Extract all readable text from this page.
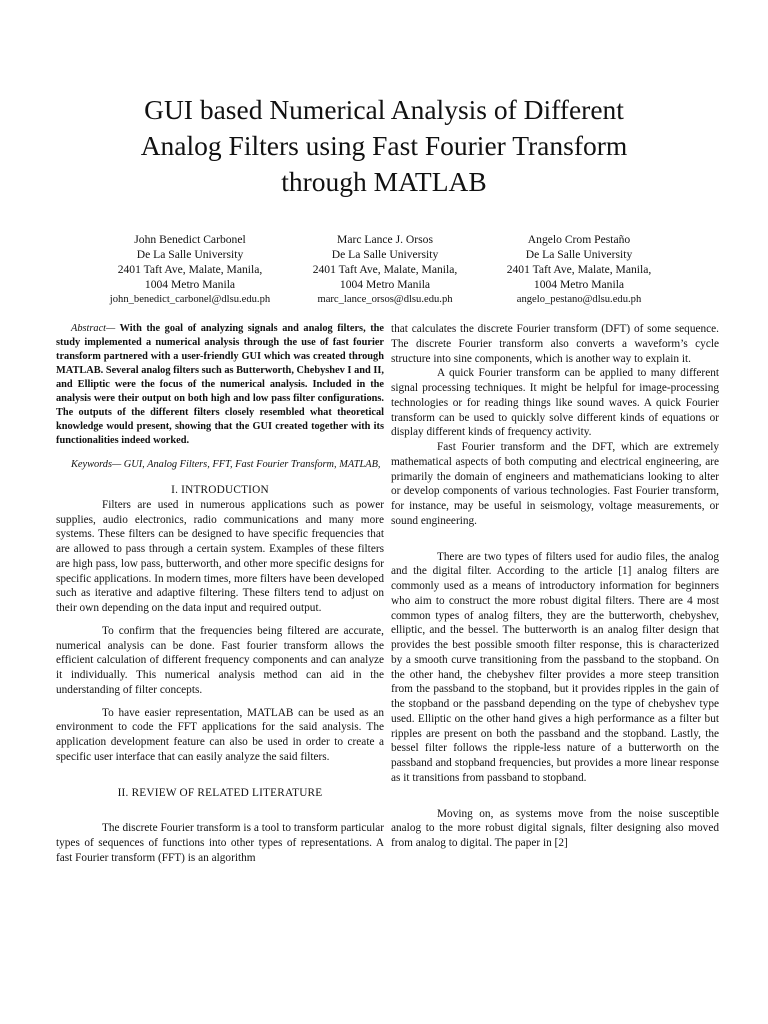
GUI based Numerical Analysis of Different
Analog Filters using Fast Fourier Transform
through MATLAB
John Benedict Carbonel
De La Salle University
2401 Taft Ave, Malate, Manila,
1004 Metro Manila
john_benedict_carbonel@dlsu.edu.ph
Marc Lance J. Orsos
De La Salle University
2401 Taft Ave, Malate, Manila,
1004 Metro Manila
marc_lance_orsos@dlsu.edu.ph
Angelo Crom Pestaño
De La Salle University
2401 Taft Ave, Malate, Manila,
1004 Metro Manila
angelo_pestano@dlsu.edu.ph

Abstract— With the goal of analyzing signals and analog filters, the study implemented a numerical analysis through the use of fast fourier transform partnered with a user-friendly GUI which was created through MATLAB. Several analog filters such as Butterworth, Chebyshev I and II, and Elliptic were the focus of the numerical analysis. Included in the analysis were their output on both high and low pass filter configurations. The outputs of the different filters closely resembled what theoretical knowledge would present, showing that the GUI created together with its functionalities indeed worked.

Keywords— GUI, Analog Filters, FFT, Fast Fourier Transform, MATLAB,

I. INTRODUCTION

Filters are used in numerous applications such as power supplies, audio electronics, radio communications and many more systems. These filters can be designed to have specific frequencies that are allowed to pass through a certain system. Examples of these filters are high pass, low pass, butterworth, and other more specific designs for specific applications. In modern times, more filters have been developed such as iterative and adaptive filtering. These filters tend to adjust on their own depending on the data input and required output.

To confirm that the frequencies being filtered are accurate, numerical analysis can be done. Fast fourier transform allows the efficient calculation of different frequency components and can analyze it individually. This numerical analysis method can aid in the understanding of filter concepts.

To have easier representation, MATLAB can be used as an environment to code the FFT applications for the said analysis. The application development feature can also be used in order to create a specific user interface that can easily analyze the said filters.

II. REVIEW OF RELATED LITERATURE

The discrete Fourier transform is a tool to transform particular types of sequences of functions into other types of representations. A fast Fourier transform (FFT) is an algorithm

that calculates the discrete Fourier transform (DFT) of some sequence. The discrete Fourier transform also converts a waveform’s cycle structure into sine components, which is another way to explain it.

A quick Fourier transform can be applied to many different signal processing techniques. It might be helpful for image-processing technologies or for reading things like sound waves. A quick Fourier transform can be used to quickly solve different kinds of equations or display different kinds of frequency activity.

Fast Fourier transform and the DFT, which are extremely mathematical aspects of both computing and electrical engineering, are primarily the domain of engineers and mathematicians looking to alter or develop components of various technologies. Fast Fourier transform, for instance, may be useful in seismology, voltage measurements, or sound engineering.

There are two types of filters used for audio files, the analog and the digital filter. According to the article [1] analog filters are commonly used as a means of introductory information for beginners who aim to construct the more robust digital filters. There are 4 most common types of analog filters, they are the butterworth, chebyshev, elliptic, and the bessel. The butterworth is an analog filter design that provides the best possible smooth filter response, this is characterized by a smooth curve transitioning from the passband to the stopband. On the other hand, the chebyshev filter provides a more steep transition from the passband to the stopband, but it provides ripples in the gain of the stopband or the passband depending on the type of chebyshev type used. Elliptic on the other hand gives a high performance as a filter but ripples are present on both the passband and the stopband. Lastly, the bessel filter follows the ripple-less nature of a butterworth on the passband and stopband frequencies, but provides a more linear response as it transitions from passband to stopband.

Moving on, as systems move from the noise susceptible analog to the more robust digital signals, filter designing also moved from analog to digital. The paper in [2]
